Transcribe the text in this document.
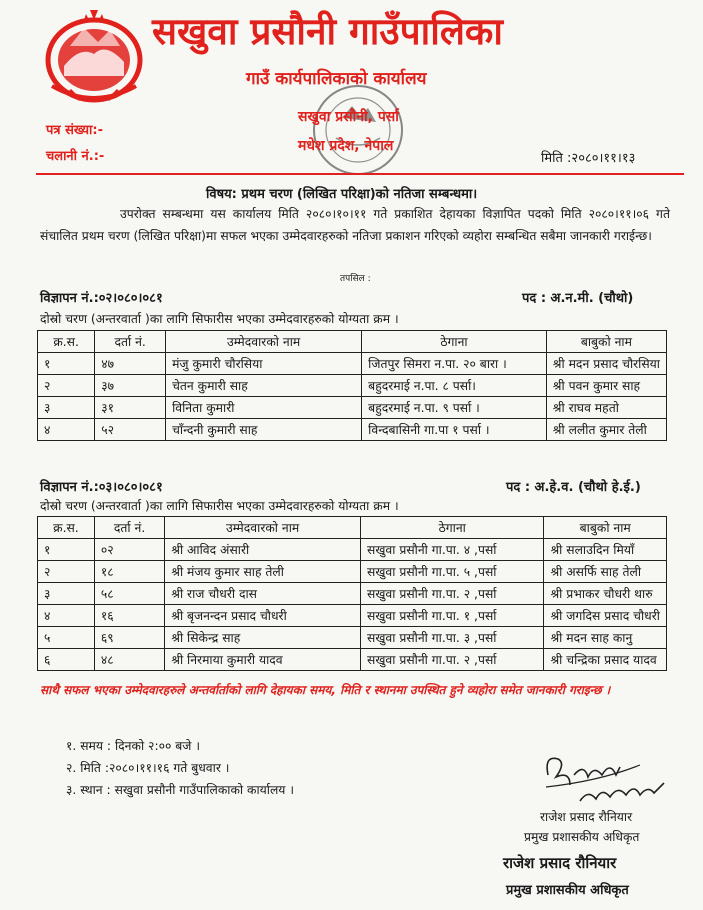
सखुवा प्रसौनी गाउँपालिका
गाउँ कार्यपालिकाको कार्यालय
सखुवा प्रसौनी, पर्सा
मधेश प्रदेश, नेपाल
पत्र संख्या:-
चलानी नं.:-	मिति :२०८०।११।१३
विषय: प्रथम चरण (लिखित परिक्षा)को नतिजा सम्बन्धमा।
उपरोक्त सम्बन्धमा यस कार्यालय मिति २०८०।१०।११ गते प्रकाशित देहायका विज्ञापित पदको मिति २०८०।११।०६ गते संचालित प्रथम चरण (लिखित परिक्षा)मा सफल भएका उम्मेदवारहरुको नतिजा प्रकाशन गरिएको व्यहोरा सम्बन्धित सबैमा जानकारी गराईन्छ।
तपसिल :
विज्ञापन नं.:०२।०८०।०८१	पद : अ.न.मी. (चौथो)
दोस्रो चरण (अन्तरवार्ता )का लागि सिफारीस भएका उम्मेदवारहरुको योग्यता क्रम ।
क्र.स.	दर्ता नं.	उम्मेदवारको नाम	ठेगाना	बाबुको नाम
१	४७	मंजु कुमारी चौरसिया	जितपुर सिमरा न.पा. २० बारा ।	श्री मदन प्रसाद चौरसिया
२	३७	चेतन कुमारी साह	बहुदरमाई न.पा. ८ पर्सा।	श्री पवन कुमार साह
३	३१	विनिता कुमारी	बहुदरमाई न.पा. ९ पर्सा ।	श्री राघव महतो
४	५२	चाँन्दनी कुमारी साह	विन्दबासिनी गा.पा १ पर्सा ।	श्री ललीत कुमार तेली
विज्ञापन नं.:०३।०८०।०८१	पद : अ.हे.व. (चौथो हे.ई.)
दोस्रो चरण (अन्तरवार्ता )का लागि सिफारीस भएका उम्मेदवारहरुको योग्यता क्रम ।
क्र.स.	दर्ता नं.	उम्मेदवारको नाम	ठेगाना	बाबुको नाम
१	०२	श्री आविद अंसारी	सखुवा प्रसौनी गा.पा. ४ ,पर्सा	श्री सलाउदिन मियाँ
२	१८	श्री मंजय कुमार साह तेली	सखुवा प्रसौनी गा.पा. ५ ,पर्सा	श्री असर्फि साह तेली
३	५८	श्री राज चौधरी दास	सखुवा प्रसौनी गा.पा. २ ,पर्सा	श्री प्रभाकर चौधरी थारु
४	१६	श्री बृजनन्दन प्रसाद चौधरी	सखुवा प्रसौनी गा.पा. १ ,पर्सा	श्री जगदिस प्रसाद चौधरी
५	६९	श्री सिकेन्द्र साह	सखुवा प्रसौनी गा.पा. ३ ,पर्सा	श्री मदन साह कानु
६	४८	श्री निरमाया कुमारी यादव	सखुवा प्रसौनी गा.पा. २ ,पर्सा	श्री चन्द्रिका प्रसाद यादव
साथै सफल भएका उम्मेदवारहरुले अन्तर्वार्ताको लागि देहायका समय, मिति र स्थानमा उपस्थित हुने व्यहोरा समेत जानकारी गराइन्छ ।
१. समय : दिनको २:०० बजे ।
२. मिति :२०८०।११।१६ गते बुधवार ।
३. स्थान : सखुवा प्रसौनी गाउँपालिकाको कार्यालय ।
राजेश प्रसाद रौनियार
प्रमुख प्रशासकीय अधिकृत
राजेश प्रसाद रौनियार
प्रमुख प्रशासकीय अधिकृत
